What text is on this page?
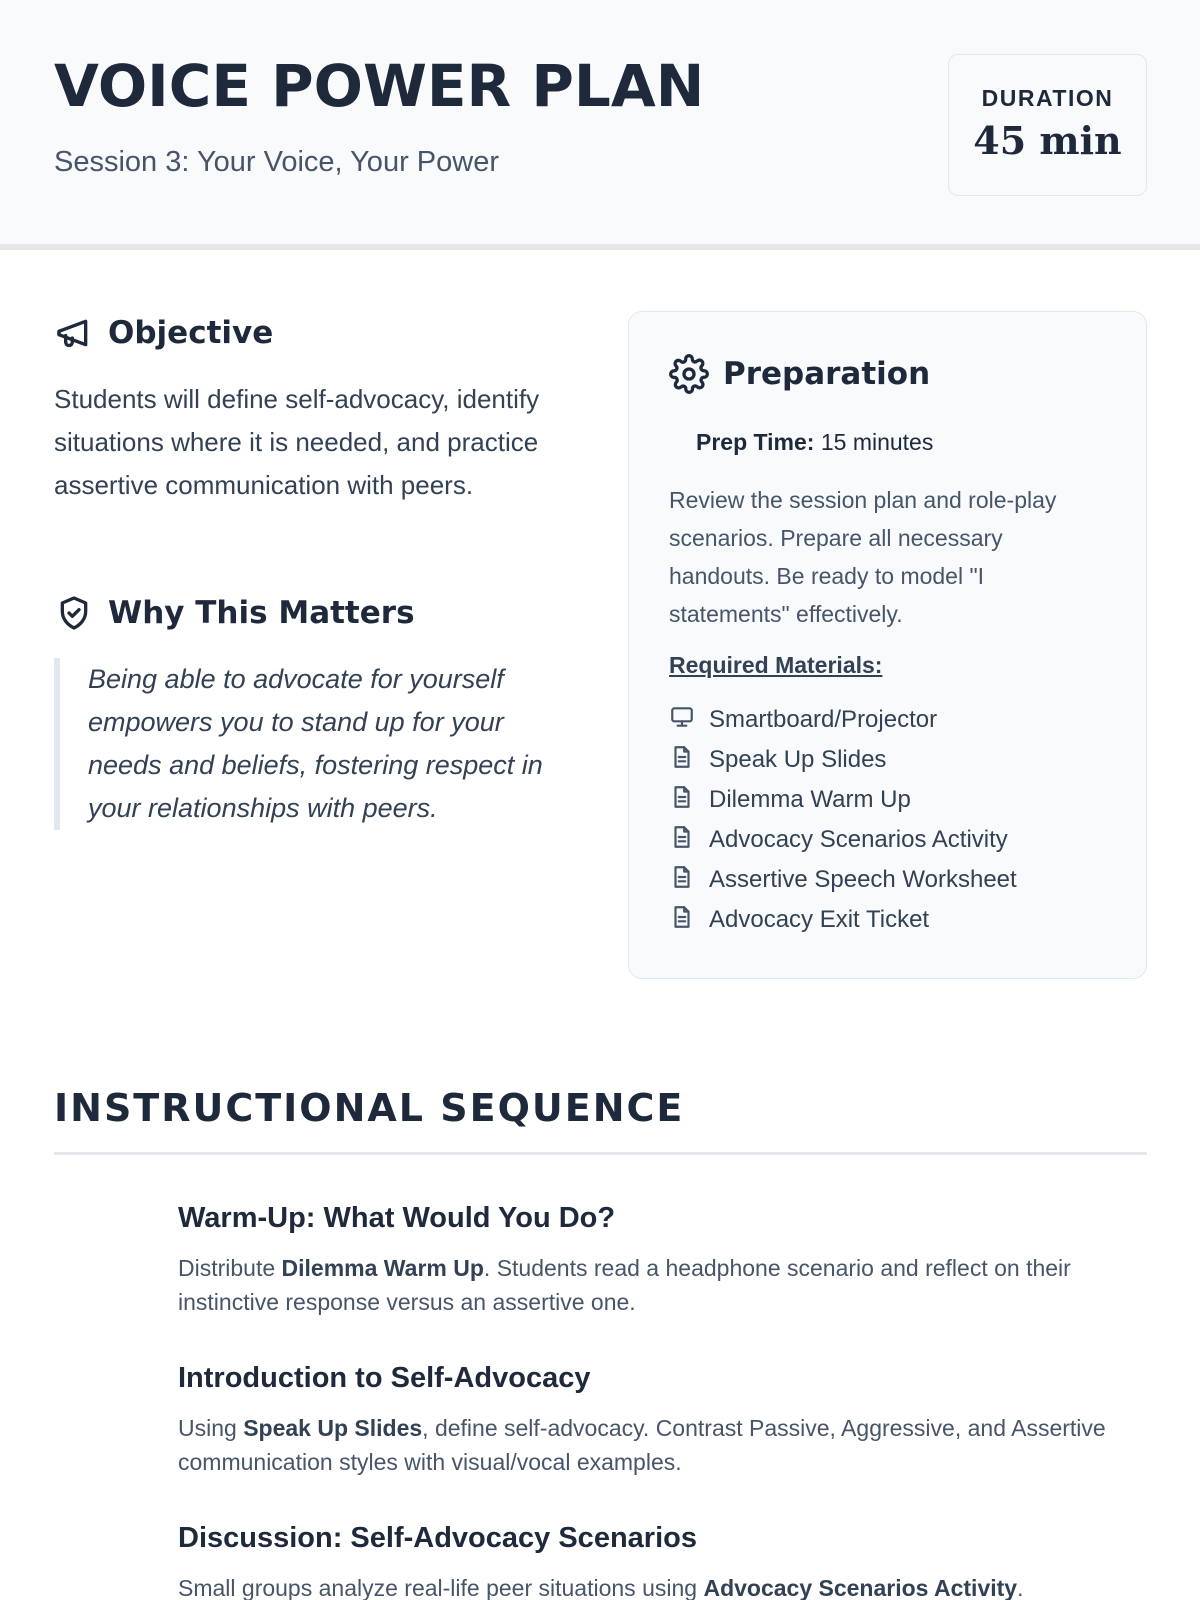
VOICE POWER PLAN
Session 3: Your Voice, Your Power
DURATION
45 min
Objective
Students will define self-advocacy, identify situations where it is needed, and practice assertive communication with peers.
Why This Matters
Being able to advocate for yourself empowers you to stand up for your needs and beliefs, fostering respect in your relationships with peers.
Preparation
Prep Time: 15 minutes
Review the session plan and role-play scenarios. Prepare all necessary handouts. Be ready to model "I statements" effectively.
Required Materials:
Smartboard/Projector
Speak Up Slides
Dilemma Warm Up
Advocacy Scenarios Activity
Assertive Speech Worksheet
Advocacy Exit Ticket
INSTRUCTIONAL SEQUENCE
Warm-Up: What Would You Do?
Distribute Dilemma Warm Up. Students read a headphone scenario and reflect on their instinctive response versus an assertive one.
Introduction to Self-Advocacy
Using Speak Up Slides, define self-advocacy. Contrast Passive, Aggressive, and Assertive communication styles with visual/vocal examples.
Discussion: Self-Advocacy Scenarios
Small groups analyze real-life peer situations using Advocacy Scenarios Activity.
